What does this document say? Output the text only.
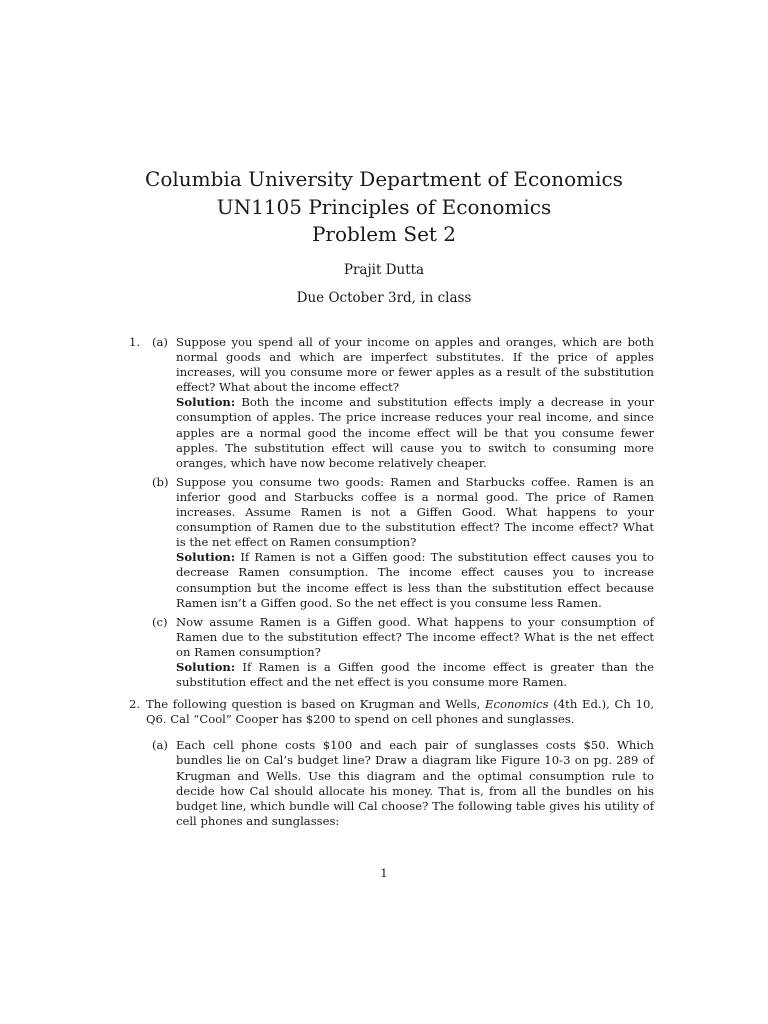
Columbia University Department of Economics
UN1105 Principles of Economics
Problem Set 2
Prajit Dutta
Due October 3rd, in class
1. (a) Suppose you spend all of your income on apples and oranges, which are both normal goods and which are imperfect substitutes. If the price of apples increases, will you consume more or fewer apples as a result of the substitution effect? What about the income effect?

Solution: Both the income and substitution effects imply a decrease in your consumption of apples. The price increase reduces your real income, and since apples are a normal good the income effect will be that you consume fewer apples. The substitution effect will cause you to switch to consuming more oranges, which have now become relatively cheaper.

(b) Suppose you consume two goods: Ramen and Starbucks coffee. Ramen is an inferior good and Starbucks coffee is a normal good. The price of Ramen increases. Assume Ramen is not a Giffen Good. What happens to your consumption of Ramen due to the substitution effect? The income effect? What is the net effect on Ramen consumption?

Solution: If Ramen is not a Giffen good: The substitution effect causes you to decrease Ramen consumption. The income effect causes you to increase consumption but the income effect is less than the substitution effect because Ramen isn’t a Giffen good. So the net effect is you consume less Ramen.

(c) Now assume Ramen is a Giffen good. What happens to your consumption of Ramen due to the substitution effect? The income effect? What is the net effect on Ramen consumption?

Solution: If Ramen is a Giffen good the income effect is greater than the substitution effect and the net effect is you consume more Ramen.

2. The following question is based on Krugman and Wells, Economics (4th Ed.), Ch 10, Q6. Cal “Cool” Cooper has $200 to spend on cell phones and sunglasses.

(a) Each cell phone costs $100 and each pair of sunglasses costs $50. Which bundles lie on Cal’s budget line? Draw a diagram like Figure 10-3 on pg. 289 of Krugman and Wells. Use this diagram and the optimal consumption rule to decide how Cal should allocate his money. That is, from all the bundles on his budget line, which bundle will Cal choose? The following table gives his utility of cell phones and sunglasses:

1
